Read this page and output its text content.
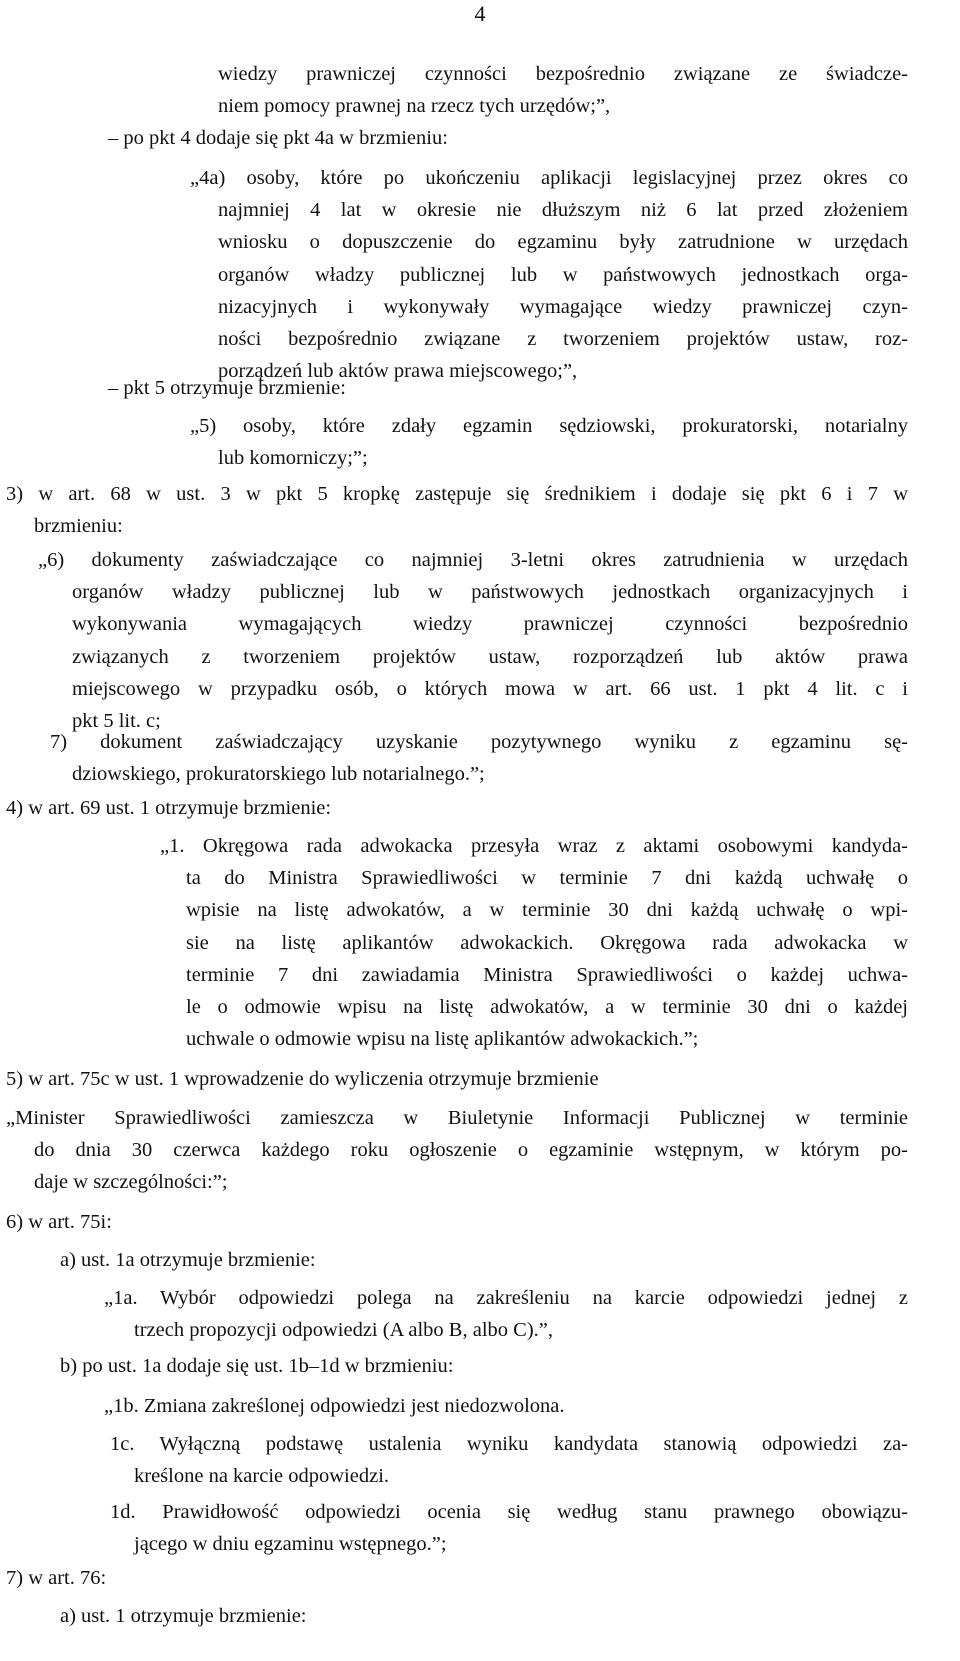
4
wiedzy prawniczej czynności bezpośrednio związane ze świadcze-
niem pomocy prawnej na rzecz tych urzędów;”,
– po pkt 4 dodaje się pkt 4a w brzmieniu:
„4a) osoby, które po ukończeniu aplikacji legislacyjnej przez okres co
najmniej 4 lat w okresie nie dłuższym niż 6 lat przed złożeniem
wniosku o dopuszczenie do egzaminu były zatrudnione w urzędach
organów władzy publicznej lub w państwowych jednostkach orga-
nizacyjnych i wykonywały wymagające wiedzy prawniczej czyn-
ności bezpośrednio związane z tworzeniem projektów ustaw, roz-
porządzeń lub aktów prawa miejscowego;”,
– pkt 5 otrzymuje brzmienie:
„5) osoby, które zdały egzamin sędziowski, prokuratorski, notarialny
lub komorniczy;”;
3) w art. 68 w ust. 3 w pkt 5 kropkę zastępuje się średnikiem i dodaje się pkt 6 i 7 w
brzmieniu:
„6) dokumenty zaświadczające co najmniej 3-letni okres zatrudnienia w urzędach
organów władzy publicznej lub w państwowych jednostkach organizacyjnych i
wykonywania wymagających wiedzy prawniczej czynności bezpośrednio
związanych z tworzeniem projektów ustaw, rozporządzeń lub aktów prawa
miejscowego w przypadku osób, o których mowa w art. 66 ust. 1 pkt 4 lit. c i
pkt 5 lit. c;
7) dokument zaświadczający uzyskanie pozytywnego wyniku z egzaminu sę-
dziowskiego, prokuratorskiego lub notarialnego.”;
4) w art. 69 ust. 1 otrzymuje brzmienie:
„1. Okręgowa rada adwokacka przesyła wraz z aktami osobowymi kandyda-
ta do Ministra Sprawiedliwości w terminie 7 dni każdą uchwałę o
wpisie na listę adwokatów, a w terminie 30 dni każdą uchwałę o wpi-
sie na listę aplikantów adwokackich. Okręgowa rada adwokacka w
terminie 7 dni zawiadamia Ministra Sprawiedliwości o każdej uchwa-
le o odmowie wpisu na listę adwokatów, a w terminie 30 dni o każdej
uchwale o odmowie wpisu na listę aplikantów adwokackich.”;
5) w art. 75c w ust. 1 wprowadzenie do wyliczenia otrzymuje brzmienie
„Minister Sprawiedliwości zamieszcza w Biuletynie Informacji Publicznej w terminie
do dnia 30 czerwca każdego roku ogłoszenie o egzaminie wstępnym, w którym po-
daje w szczególności:”;
6) w art. 75i:
a) ust. 1a otrzymuje brzmienie:
„1a. Wybór odpowiedzi polega na zakreśleniu na karcie odpowiedzi jednej z
trzech propozycji odpowiedzi (A albo B, albo C).”,
b) po ust. 1a dodaje się ust. 1b–1d w brzmieniu:
„1b. Zmiana zakreślonej odpowiedzi jest niedozwolona.
1c. Wyłączną podstawę ustalenia wyniku kandydata stanowią odpowiedzi za-
kreślone na karcie odpowiedzi.
1d. Prawidłowość odpowiedzi ocenia się według stanu prawnego obowiązu-
jącego w dniu egzaminu wstępnego.”;
7) w art. 76:
a) ust. 1 otrzymuje brzmienie:
